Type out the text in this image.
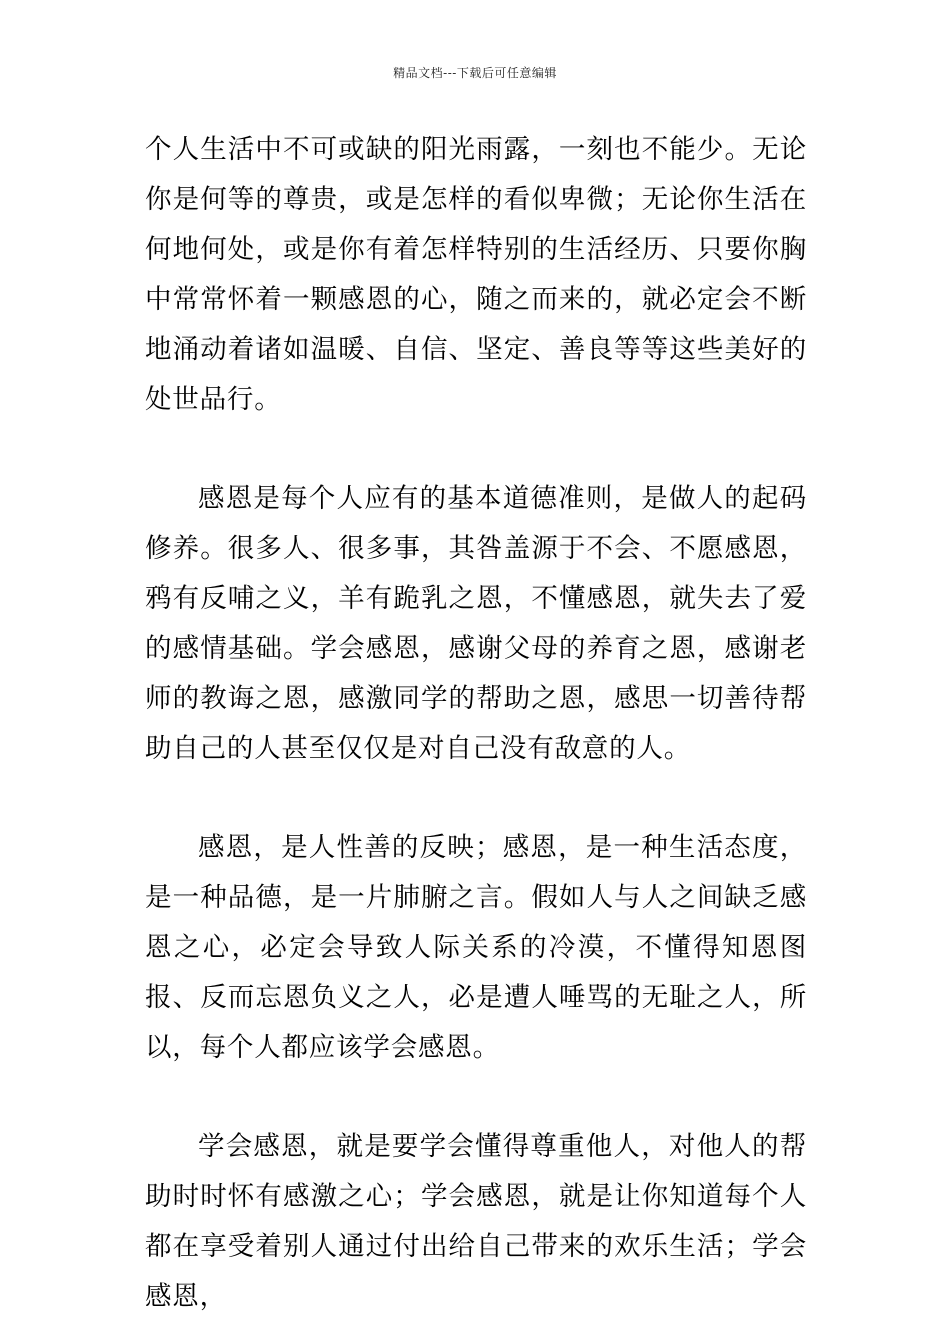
精品文档---下载后可任意编辑

个人生活中不可或缺的阳光雨露，一刻也不能少。无论你是何等的尊贵，或是怎样的看似卑微；无论你生活在何地何处，或是你有着怎样特别的生活经历、只要你胸中常常怀着一颗感恩的心，随之而来的，就必定会不断地涌动着诸如温暖、自信、坚定、善良等等这些美好的处世品行。

感恩是每个人应有的基本道德准则，是做人的起码修养。很多人、很多事，其咎盖源于不会、不愿感恩，鸦有反哺之义，羊有跪乳之恩，不懂感恩，就失去了爱的感情基础。学会感恩，感谢父母的养育之恩，感谢老师的教诲之恩，感激同学的帮助之恩，感思一切善待帮助自己的人甚至仅仅是对自己没有敌意的人。

感恩，是人性善的反映；感恩，是一种生活态度，是一种品德，是一片肺腑之言。假如人与人之间缺乏感恩之心，必定会导致人际关系的冷漠，不懂得知恩图报、反而忘恩负义之人，必是遭人唾骂的无耻之人，所以，每个人都应该学会感恩。

学会感恩，就是要学会懂得尊重他人，对他人的帮助时时怀有感激之心；学会感恩，就是让你知道每个人都在享受着别人通过付出给自己带来的欢乐生活；学会感恩，
